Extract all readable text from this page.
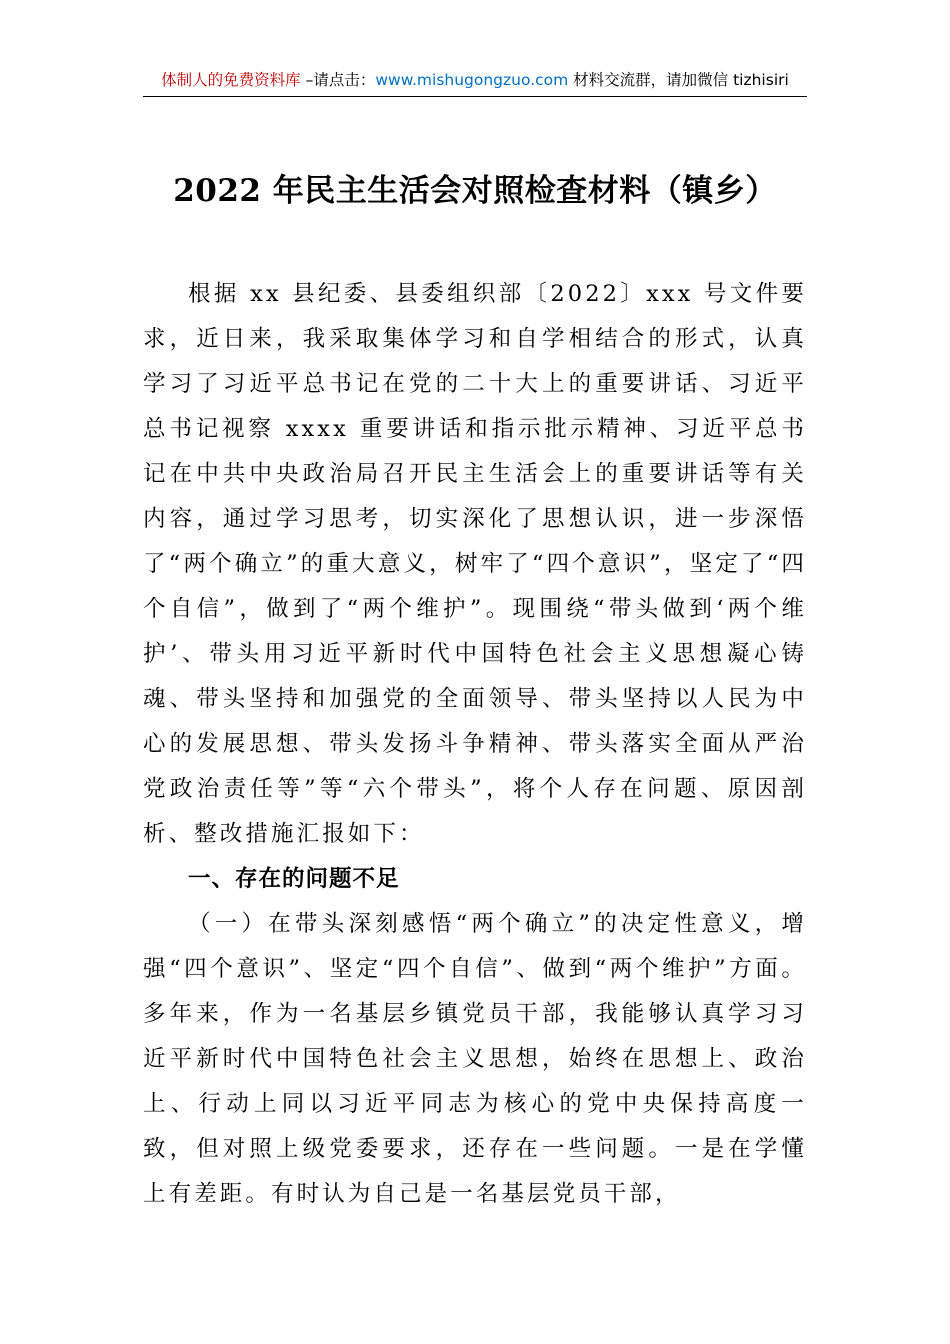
体制人的免费资料库 –请点击：www.mishugongzuo.com 材料交流群，请加微信 tizhisiri
2022 年民主生活会对照检查材料（镇乡）

根据 xx 县纪委、县委组织部〔2022〕xxx 号文件要求，近日来，我采取集体学习和自学相结合的形式，认真学习了习近平总书记在党的二十大上的重要讲话、习近平总书记视察 xxxx 重要讲话和指示批示精神、习近平总书记在中共中央政治局召开民主生活会上的重要讲话等有关内容，通过学习思考，切实深化了思想认识，进一步深悟了“两个确立”的重大意义，树牢了“四个意识”，坚定了“四个自信”，做到了“两个维护”。现围绕“带头做到‘两个维护’、带头用习近平新时代中国特色社会主义思想凝心铸魂、带头坚持和加强党的全面领导、带头坚持以人民为中心的发展思想、带头发扬斗争精神、带头落实全面从严治党政治责任等”等“六个带头”，将个人存在问题、原因剖析、整改措施汇报如下：

一、存在的问题不足

（一）在带头深刻感悟“两个确立”的决定性意义，增强“四个意识”、坚定“四个自信”、做到“两个维护”方面。多年来，作为一名基层乡镇党员干部，我能够认真学习习近平新时代中国特色社会主义思想，始终在思想上、政治上、行动上同以习近平同志为核心的党中央保持高度一致，但对照上级党委要求，还存在一些问题。一是在学懂上有差距。有时认为自己是一名基层党员干部，
